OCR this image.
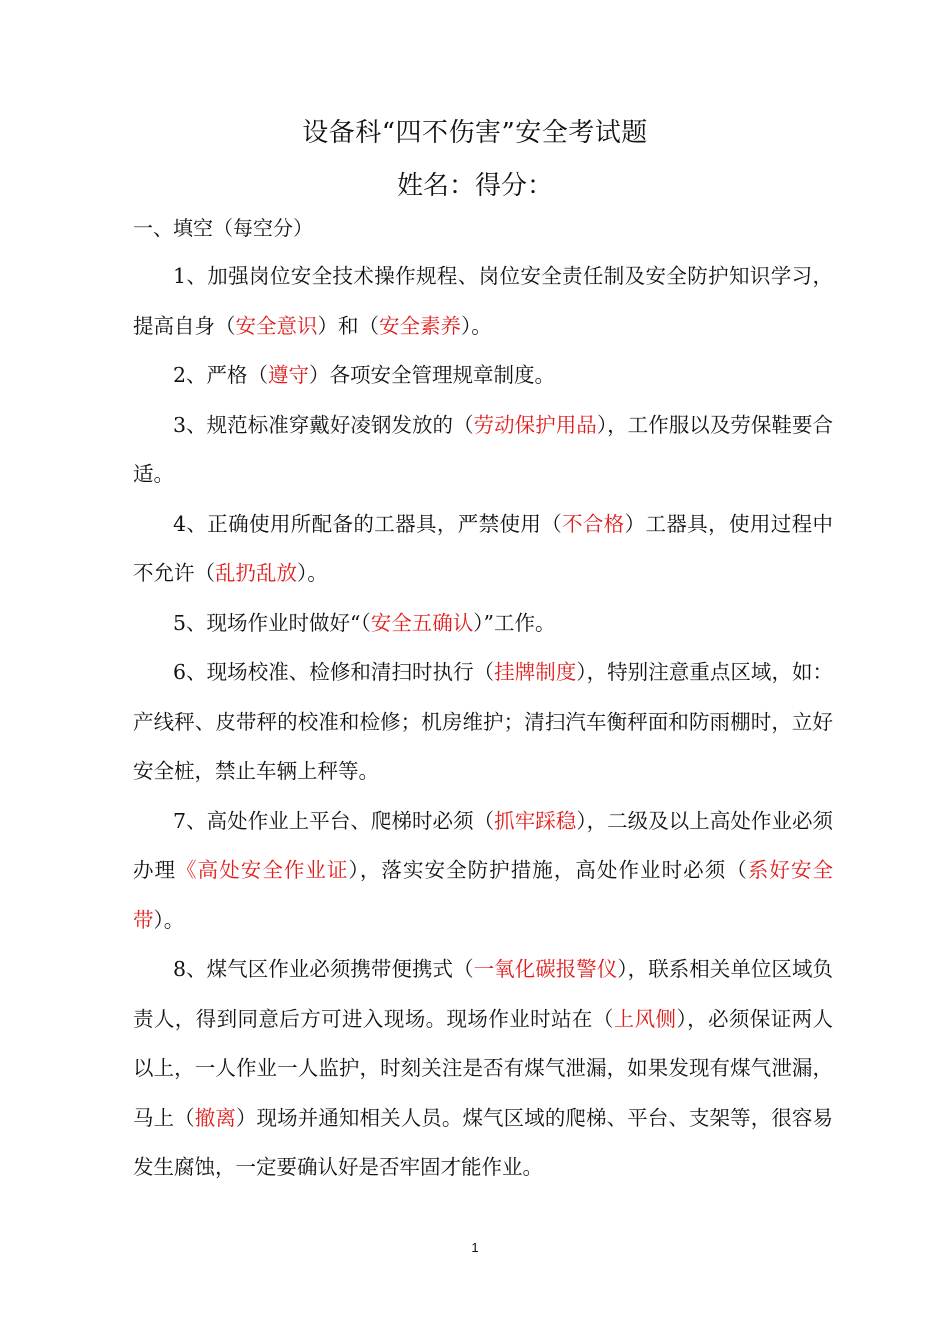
设备科“四不伤害”安全考试题
姓名：得分：
一、填空（每空分）

1、加强岗位安全技术操作规程、岗位安全责任制及安全防护知识学习，提高自身（安全意识）和（安全素养）。

2、严格（遵守）各项安全管理规章制度。

3、规范标准穿戴好凌钢发放的（劳动保护用品），工作服以及劳保鞋要合适。

4、正确使用所配备的工器具，严禁使用（不合格）工器具，使用过程中不允许（乱扔乱放）。

5、现场作业时做好“（安全五确认）”工作。

6、现场校准、检修和清扫时执行（挂牌制度），特别注意重点区域，如：产线秤、皮带秤的校准和检修；机房维护；清扫汽车衡秤面和防雨棚时，立好安全桩，禁止车辆上秤等。

7、高处作业上平台、爬梯时必须（抓牢踩稳），二级及以上高处作业必须办理《高处安全作业证），落实安全防护措施，高处作业时必须（系好安全带）。

8、煤气区作业必须携带便携式（一氧化碳报警仪），联系相关单位区域负责人，得到同意后方可进入现场。现场作业时站在（上风侧），必须保证两人以上，一人作业一人监护，时刻关注是否有煤气泄漏，如果发现有煤气泄漏，马上（撤离）现场并通知相关人员。煤气区域的爬梯、平台、支架等，很容易发生腐蚀，一定要确认好是否牢固才能作业。

1
